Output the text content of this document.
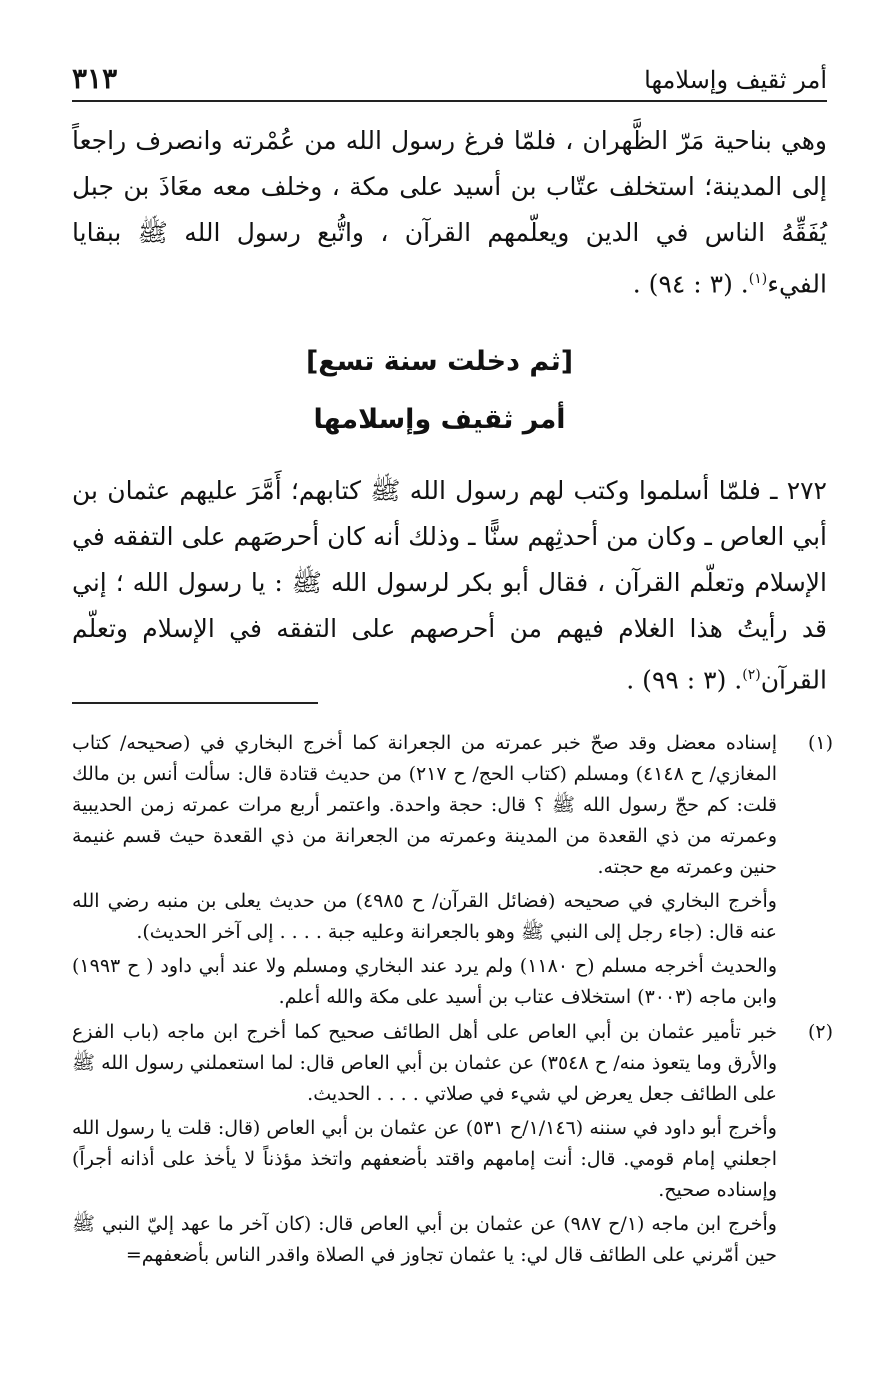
أمر ثقيف وإسلامها
٣١٣
وهي بناحية مَرّ الظَّهران ، فلمّا فرغ رسول الله من عُمْرته وانصرف راجعاً إلى المدينة؛ استخلف عتّاب بن أسيد على مكة ، وخلف معه معَاذَ بن جبل يُفَقِّهُ الناس في الدين ويعلّمهم القرآن ، واتُّبع رسول الله ﷺ ببقايا الفيء$^{(١)}$. (٣ : ٩٤) .
[ثم دخلت سنة تسع]
أمر ثقيف وإسلامها
٢٧٢ ـ فلمّا أسلموا وكتب لهم رسول الله ﷺ كتابهم؛ أَمَّرَ عليهم عثمان بن أبي العاص ـ وكان من أحدثِهم سنًّا ـ وذلك أنه كان أحرصَهم على التفقه في الإسلام وتعلّم القرآن ، فقال أبو بكر لرسول الله ﷺ : يا رسول الله ؛ إني قد رأيتُ هذا الغلام فيهم من أحرصهم على التفقه في الإسلام وتعلّم القرآن$^{(٢)}$. (٣ : ٩٩) .
(١)

إسناده معضل وقد صحّ خبر عمرته من الجعرانة كما أخرج البخاري في (صحيحه/ كتاب المغازي/ ح ٤١٤٨) ومسلم (كتاب الحج/ ح ٢١٧) من حديث قتادة قال: سألت أنس بن مالك قلت: كم حجّ رسول الله ﷺ ؟ قال: حجة واحدة. واعتمر أربع مرات عمرته زمن الحديبية وعمرته من ذي القعدة من المدينة وعمرته من الجعرانة من ذي القعدة حيث قسم غنيمة حنين وعمرته مع حجته.

وأخرج البخاري في صحيحه (فضائل القرآن/ ح ٤٩٨٥) من حديث يعلى بن منبه رضي الله عنه قال: (جاء رجل إلى النبي ﷺ وهو بالجعرانة وعليه جبة . . . . إلى آخر الحديث).

والحديث أخرجه مسلم (ح ١١٨٠) ولم يرد عند البخاري ومسلم ولا عند أبي داود ( ح ١٩٩٣) وابن ماجه (٣٠٠٣) استخلاف عتاب بن أسيد على مكة والله أعلم.

(٢)

خبر تأمير عثمان بن أبي العاص على أهل الطائف صحيح كما أخرج ابن ماجه (باب الفزع والأرق وما يتعوذ منه/ ح ٣٥٤٨) عن عثمان بن أبي العاص قال: لما استعملني رسول الله ﷺ على الطائف جعل يعرض لي شيء في صلاتي . . . . الحديث.

وأخرج أبو داود في سننه (١/١٤٦/ح ٥٣١) عن عثمان بن أبي العاص (قال: قلت يا رسول الله اجعلني إمام قومي. قال: أنت إمامهم واقتد بأضعفهم واتخذ مؤذناً لا يأخذ على أذانه أجراً) وإسناده صحيح.

وأخرج ابن ماجه (١/ح ٩٨٧) عن عثمان بن أبي العاص قال: (كان آخر ما عهد إليّ النبي ﷺ حين أمّرني على الطائف قال لي: يا عثمان تجاوز في الصلاة واقدر الناس بأضعفهم=
